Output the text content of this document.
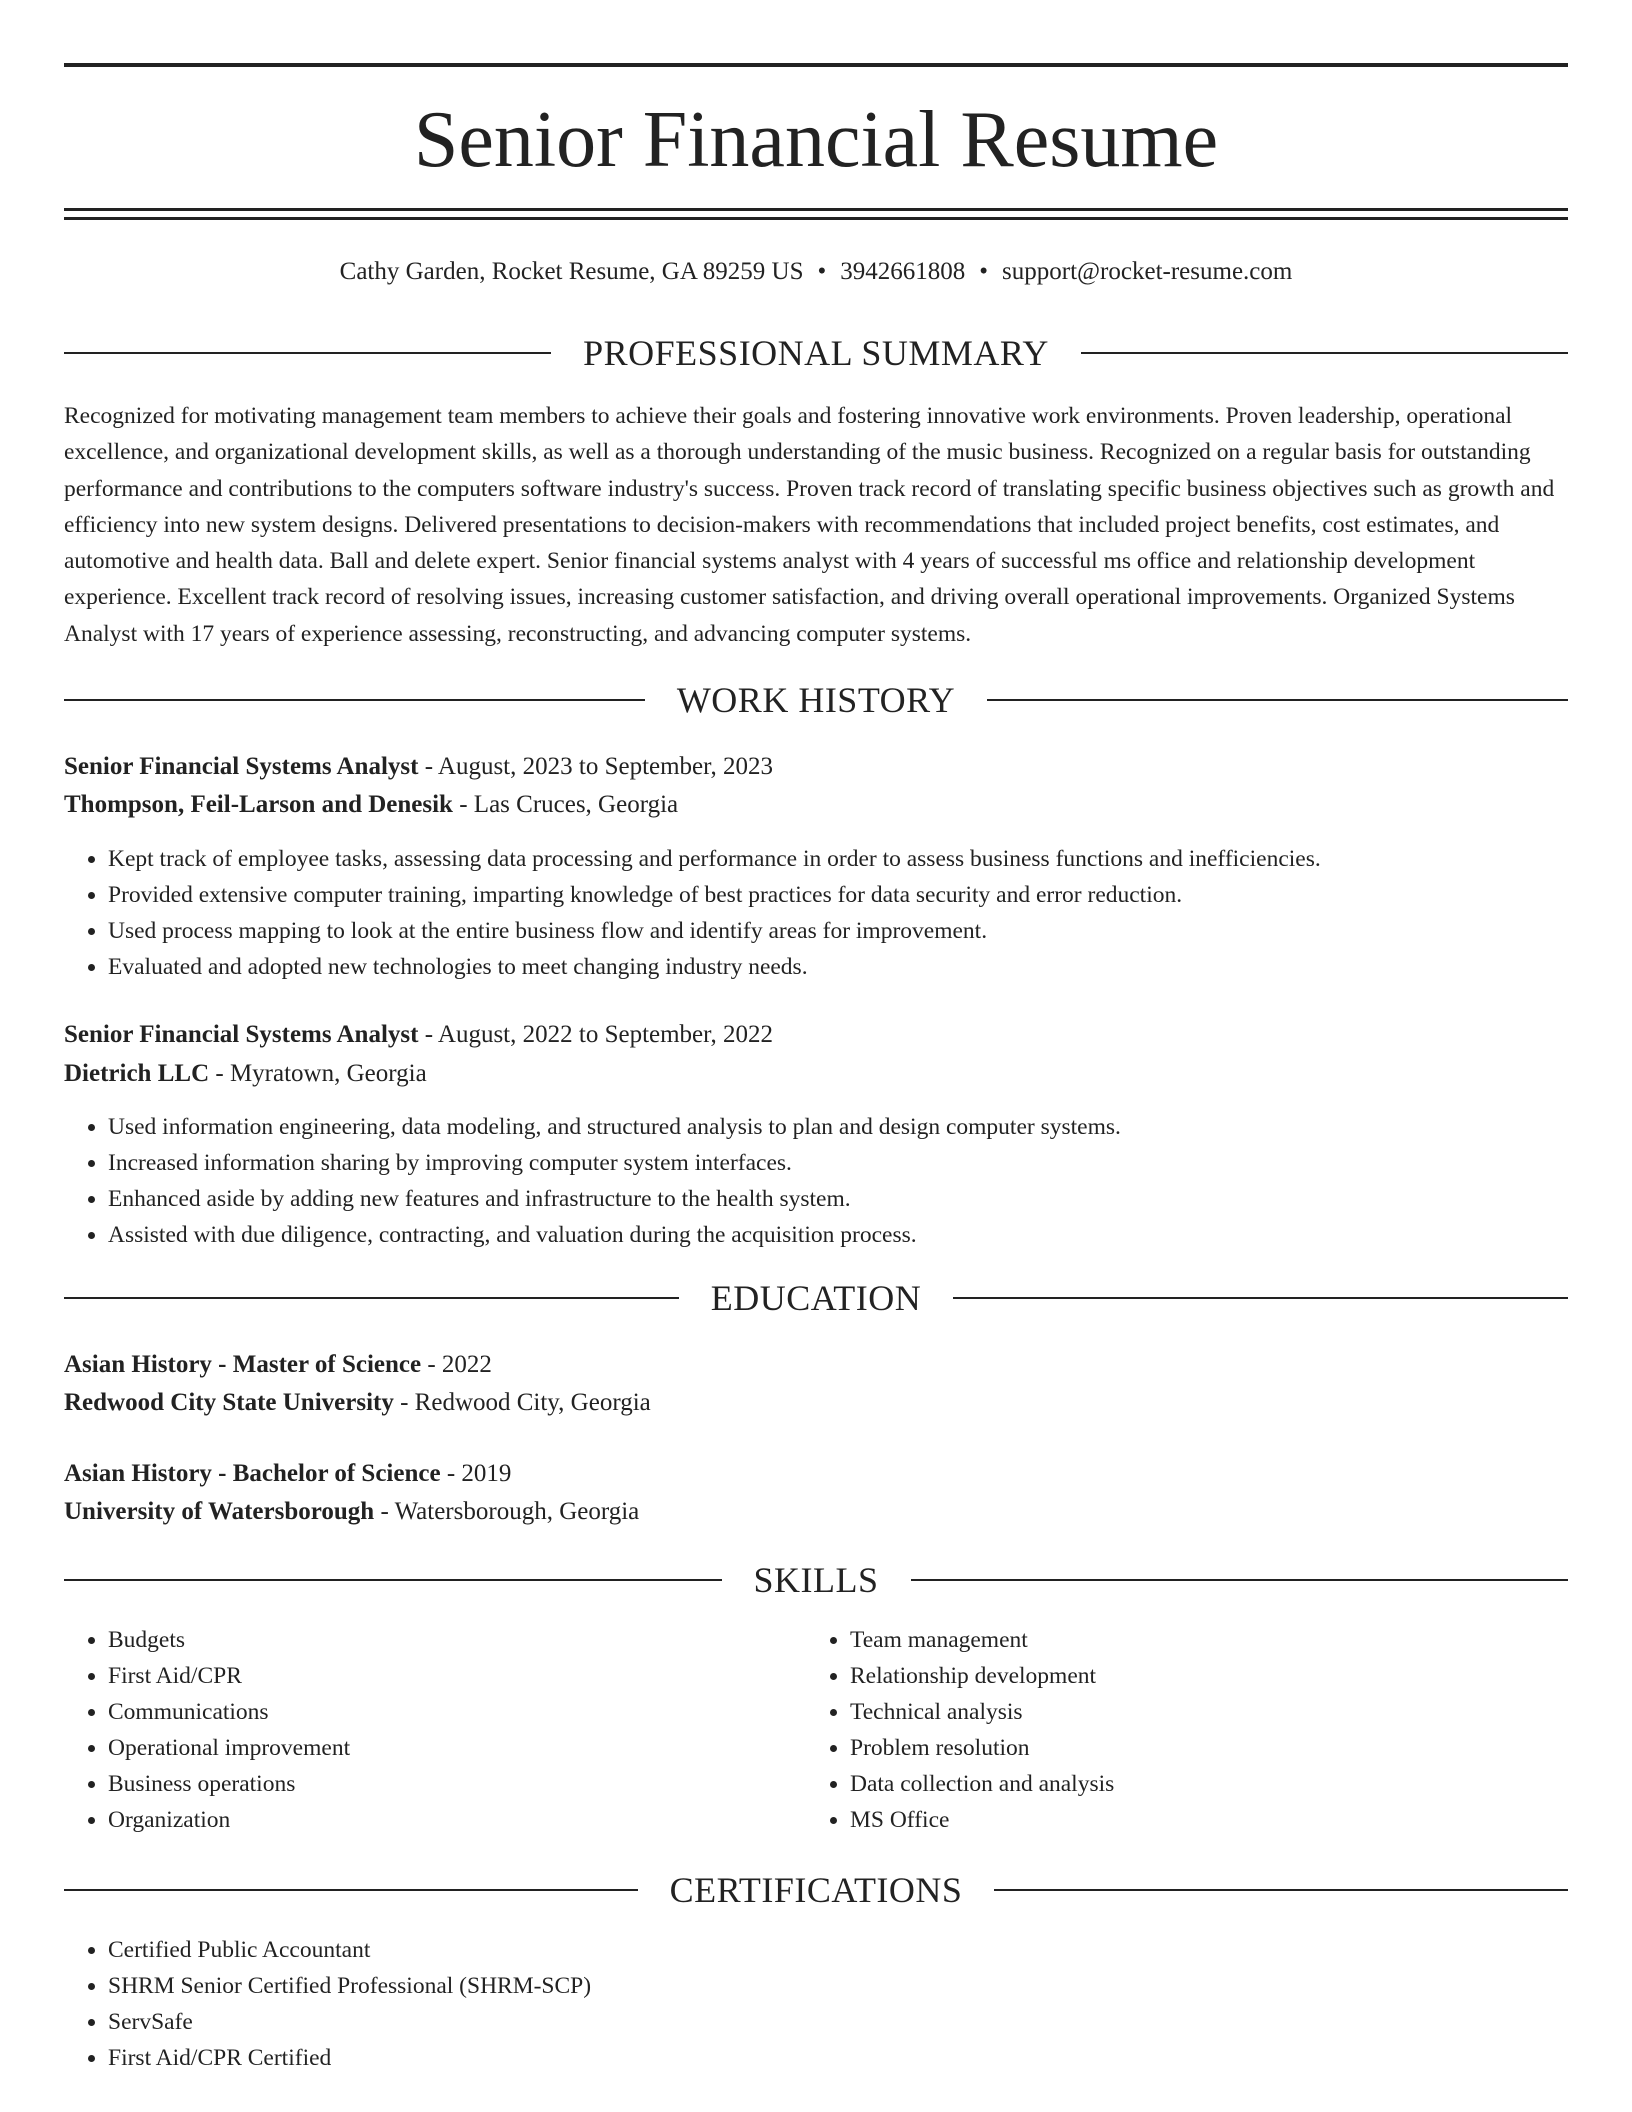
Senior Financial Resume
Cathy Garden, Rocket Resume, GA 89259 US • 3942661808 • support@rocket-resume.com
PROFESSIONAL SUMMARY

Recognized for motivating management team members to achieve their goals and fostering innovative work environments. Proven leadership, operational excellence, and organizational development skills, as well as a thorough understanding of the music business. Recognized on a regular basis for outstanding performance and contributions to the computers software industry's success. Proven track record of translating specific business objectives such as growth and efficiency into new system designs. Delivered presentations to decision-makers with recommendations that included project benefits, cost estimates, and automotive and health data. Ball and delete expert. Senior financial systems analyst with 4 years of successful ms office and relationship development experience. Excellent track record of resolving issues, increasing customer satisfaction, and driving overall operational improvements. Organized Systems Analyst with 17 years of experience assessing, reconstructing, and advancing computer systems.

WORK HISTORY
Senior Financial Systems Analyst - August, 2023 to September, 2023
Thompson, Feil-Larson and Denesik - Las Cruces, Georgia
• Kept track of employee tasks, assessing data processing and performance in order to assess business functions and inefficiencies.
• Provided extensive computer training, imparting knowledge of best practices for data security and error reduction.
• Used process mapping to look at the entire business flow and identify areas for improvement.
• Evaluated and adopted new technologies to meet changing industry needs.
Senior Financial Systems Analyst - August, 2022 to September, 2022
Dietrich LLC - Myratown, Georgia
• Used information engineering, data modeling, and structured analysis to plan and design computer systems.
• Increased information sharing by improving computer system interfaces.
• Enhanced aside by adding new features and infrastructure to the health system.
• Assisted with due diligence, contracting, and valuation during the acquisition process.
EDUCATION
Asian History - Master of Science - 2022
Redwood City State University - Redwood City, Georgia
Asian History - Bachelor of Science - 2019
University of Watersborough - Watersborough, Georgia
SKILLS
• Budgets
• First Aid/CPR
• Communications
• Operational improvement
• Business operations
• Organization
• Team management
• Relationship development
• Technical analysis
• Problem resolution
• Data collection and analysis
• MS Office
CERTIFICATIONS
• Certified Public Accountant
• SHRM Senior Certified Professional (SHRM-SCP)
• ServSafe
• First Aid/CPR Certified
